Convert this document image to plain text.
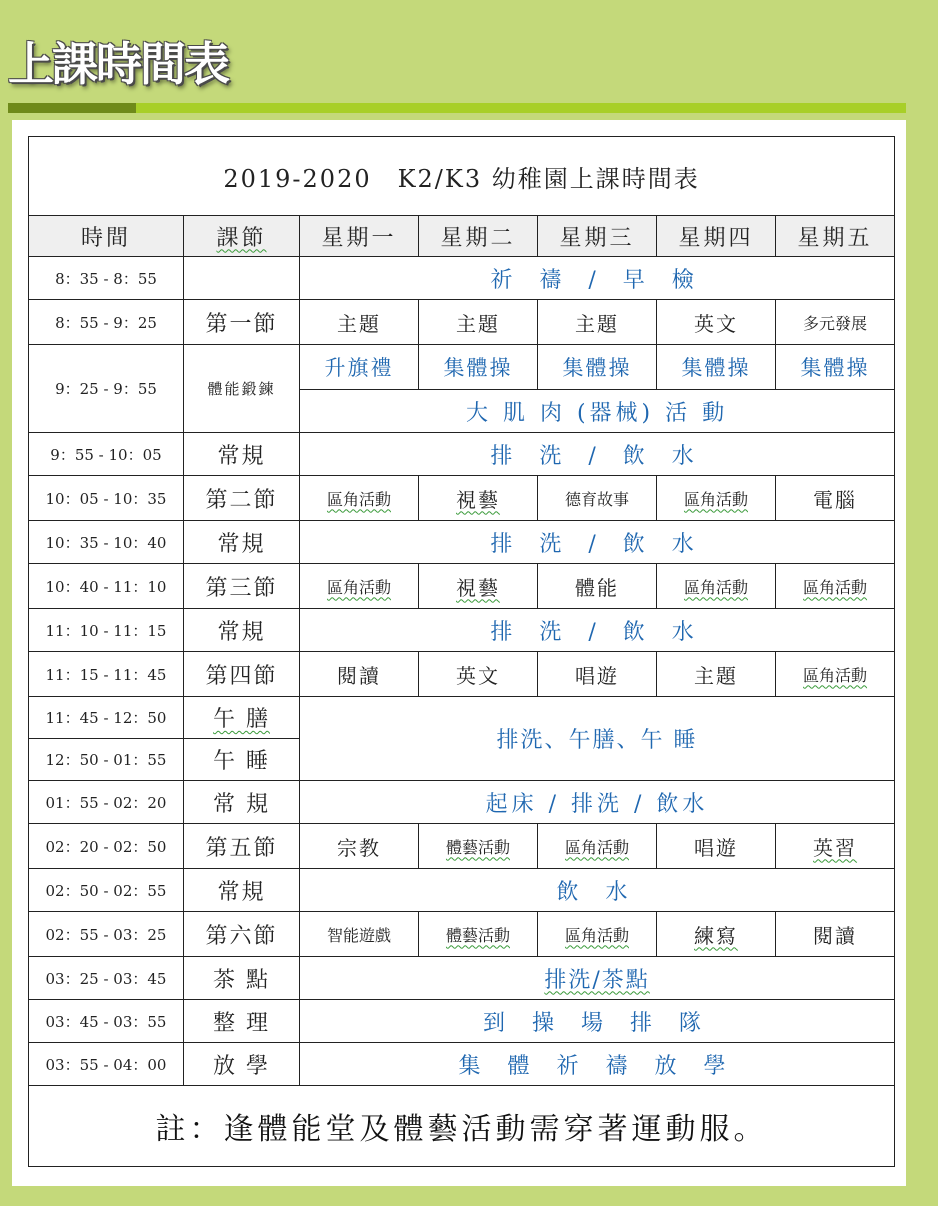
上課時間表
2019-2020　K2/K3 幼稚園上課時間表						
時間	課節	星期一	星期二	星期三	星期四	星期五
8：35 - 8：55		祈 禱 / 早 檢				
8：55 - 9：25	第一節	主題	主題	主題	英文	多元發展
9：25 - 9：55	體能鍛鍊	升旗禮	集體操	集體操	集體操	集體操
		大 肌 肉 (器械) 活 動				
9：55 - 10：05	常規	排 洗 / 飲 水				
10：05 - 10：35	第二節	區角活動	視藝	德育故事	區角活動	電腦
10：35 - 10：40	常規	排 洗 / 飲 水				
10：40 - 11：10	第三節	區角活動	視藝	體能	區角活動	區角活動
11：10 - 11：15	常規	排 洗 / 飲 水				
11：15 - 11：45	第四節	閱讀	英文	唱遊	主題	區角活動
11：45 - 12：50	午 膳	排洗、午膳、午 睡				
12：50 - 01：55	午 睡					
01：55 - 02：20	常 規	起床 / 排洗 / 飲水				
02：20 - 02：50	第五節	宗教	體藝活動	區角活動	唱遊	英習
02：50 - 02：55	常規	飲 水				
02：55 - 03：25	第六節	智能遊戲	體藝活動	區角活動	練寫	閱讀
03：25 - 03：45	茶 點	排洗/茶點				
03：45 - 03：55	整 理	到 操 場 排 隊				
03：55 - 04：00	放 學	集 體 祈 禱 放 學				
註：逢體能堂及體藝活動需穿著運動服。						
